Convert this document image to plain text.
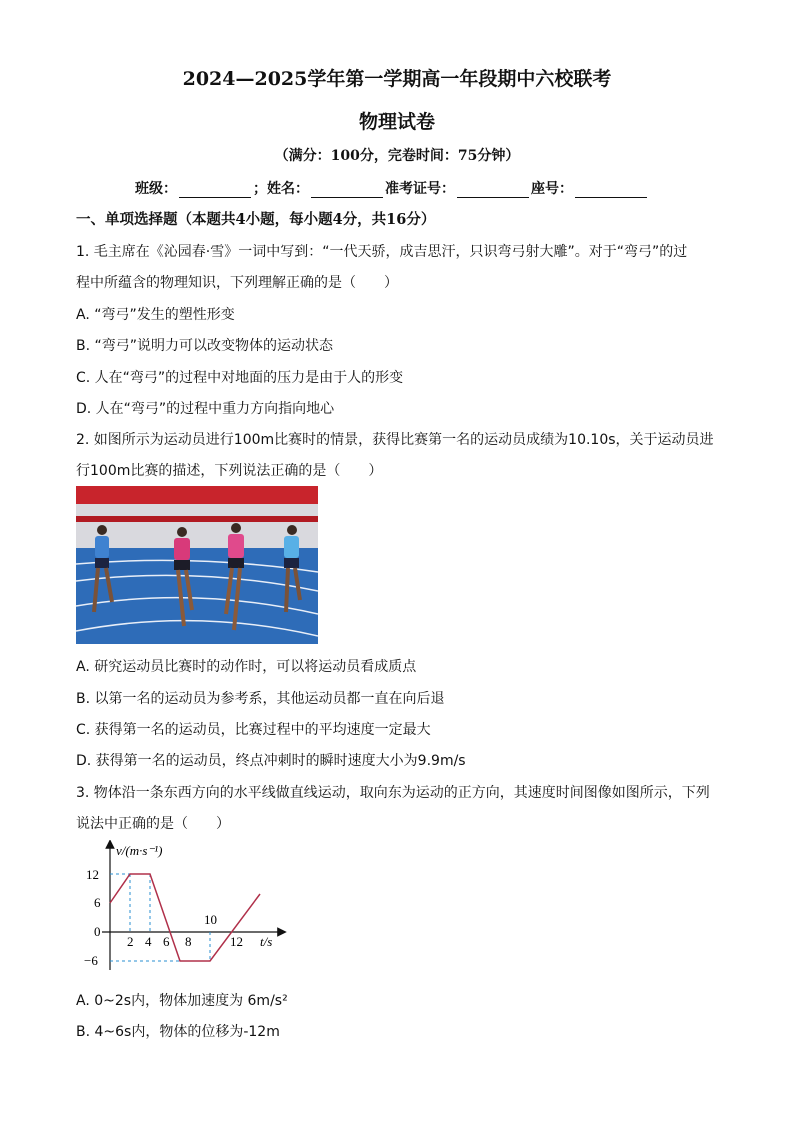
2024—2025学年第一学期高一年段期中六校联考
物理试卷
（满分：100分，完卷时间：75分钟）
班级：	；姓名：	准考证号：	座号：
一、单项选择题（本题共4小题，每小题4分，共16分）
1. 毛主席在《沁园春·雪》一词中写到：“一代天骄，成吉思汗，只识弯弓射大雕”。对于“弯弓”的过
程中所蕴含的物理知识，下列理解正确的是（　　）
A. “弯弓”发生的塑性形变
B. “弯弓”说明力可以改变物体的运动状态
C. 人在“弯弓”的过程中对地面的压力是由于人的形变
D. 人在“弯弓”的过程中重力方向指向地心
2. 如图所示为运动员进行100m比赛时的情景，获得比赛第一名的运动员成绩为10.10s，关于运动员进
行100m比赛的描述，下列说法正确的是（　　）
A. 研究运动员比赛时的动作时，可以将运动员看成质点
B. 以第一名的运动员为参考系，其他运动员都一直在向后退
C. 获得第一名的运动员，比赛过程中的平均速度一定最大
D. 获得第一名的运动员，终点冲刺时的瞬时速度大小为9.9m/s
3. 物体沿一条东西方向的水平线做直线运动，取向东为运动的正方向，其速度时间图像如图所示，下列
说法中正确的是（　　）
v/(m·s⁻¹)
t/s
12
6
0
−6
2 4 6 8
10
12
A. 0~2s内，物体加速度为 6m/s²
B. 4~6s内，物体的位移为-12m
